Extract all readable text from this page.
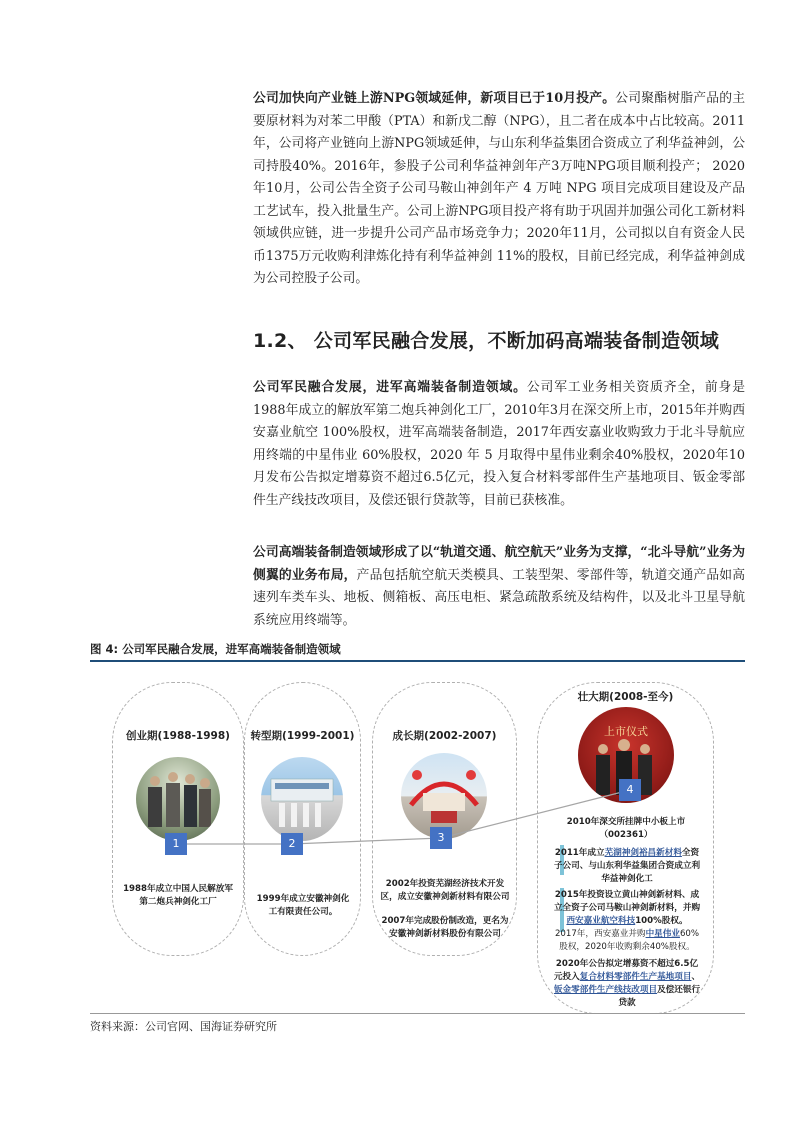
公司加快向产业链上游NPG领域延伸，新项目已于10月投产。公司聚酯树脂产品的主要原材料为对苯二甲酸（PTA）和新戊二醇（NPG），且二者在成本中占比较高。2011年，公司将产业链向上游NPG领域延伸，与山东利华益集团合资成立了利华益神剑，公司持股40%。2016年，参股子公司利华益神剑年产3万吨NPG项目顺利投产； 2020年10月，公司公告全资子公司马鞍山神剑年产 4 万吨 NPG 项目完成项目建设及产品工艺试车，投入批量生产。公司上游NPG项目投产将有助于巩固并加强公司化工新材料领域供应链，进一步提升公司产品市场竞争力；2020年11月，公司拟以自有资金人民币1375万元收购利津炼化持有利华益神剑 11%的股权，目前已经完成，利华益神剑成为公司控股子公司。

1.2、 公司军民融合发展，不断加码高端装备制造领域

公司军民融合发展，进军高端装备制造领域。公司军工业务相关资质齐全，前身是1988年成立的解放军第二炮兵神剑化工厂，2010年3月在深交所上市，2015年并购西安嘉业航空 100%股权，进军高端装备制造，2017年西安嘉业收购致力于北斗导航应用终端的中星伟业 60%股权，2020 年 5 月取得中星伟业剩余40%股权，2020年10月发布公告拟定增募资不超过6.5亿元，投入复合材料零部件生产基地项目、钣金零部件生产线技改项目，及偿还银行贷款等，目前已获核准。

公司高端装备制造领域形成了以“轨道交通、航空航天”业务为支撑，“北斗导航”业务为侧翼的业务布局，产品包括航空航天类模具、工装型架、零部件等，轨道交通产品如高速列车类车头、地板、侧箱板、高压电柜、紧急疏散系统及结构件，以及北斗卫星导航系统应用终端等。

图 4: 公司军民融合发展，进军高端装备制造领域
创业期(1988-1998)
1988年成立中国人民解放军第二炮兵神剑化工厂
1
转型期(1999-2001)
1999年成立安徽神剑化工有限责任公司。
2
成长期(2002-2007)
2002年投资芜湖经济技术开发区，成立安徽神剑新材料有限公司
2007年完成股份制改造，更名为安徽神剑新材料股份有限公司
3
壮大期(2008-至今)
上市仪式
2010年深交所挂牌中小板上市（002361）
2011年成立芜湖神剑裕昌新材料全资子公司、与山东利华益集团合资成立利华益神剑化工
2015年投资设立黄山神剑新材料、成立全资子公司马鞍山神剑新材料，并购西安嘉业航空科技100%股权。
2017年，西安嘉业并购中星伟业60%股权，2020年收购剩余40%股权。
2020年公告拟定增募资不超过6.5亿元投入复合材料零部件生产基地项目、钣金零部件生产线技改项目及偿还银行贷款
4
资料来源：公司官网、国海证券研究所
